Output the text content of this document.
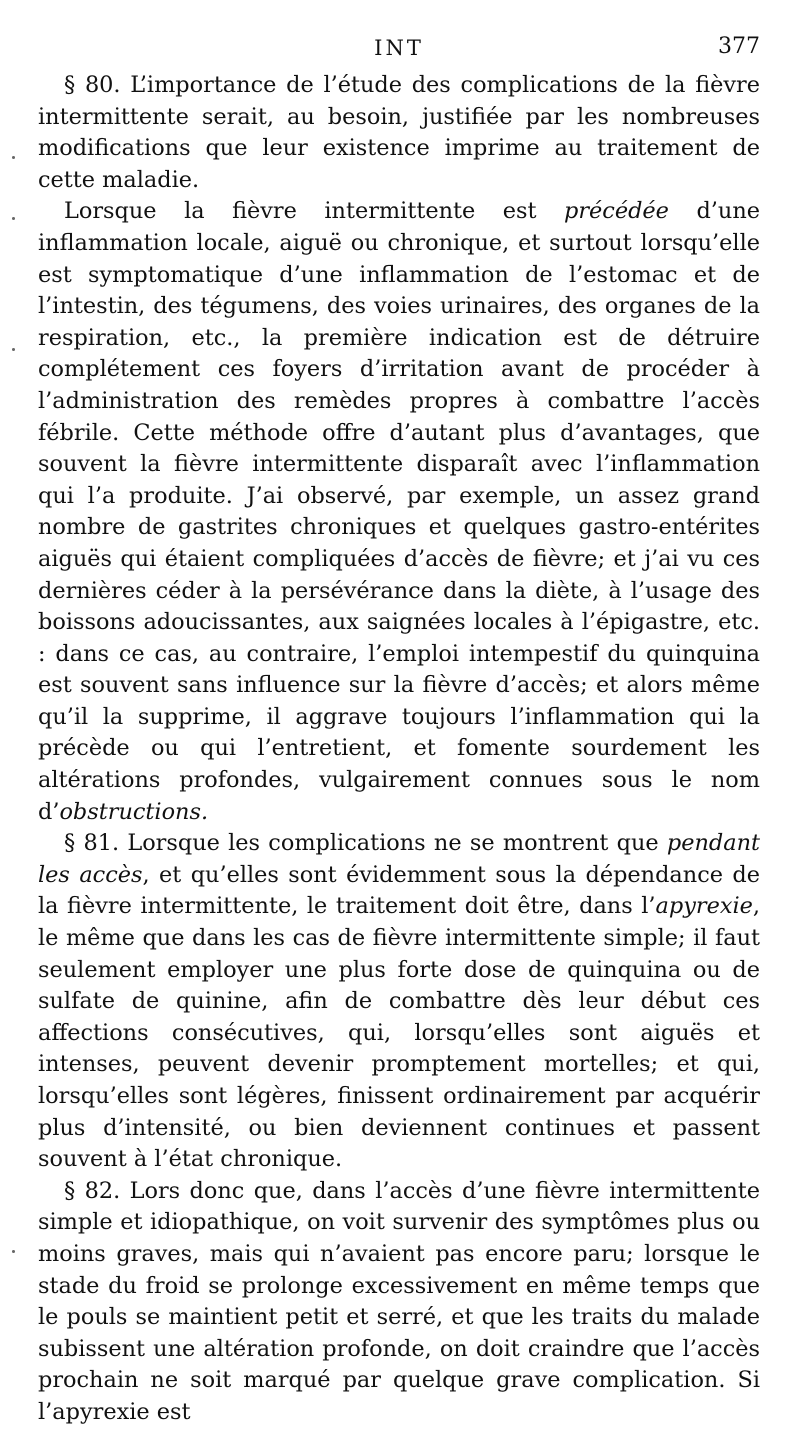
INT	377

§ 80. L’importance de l’étude des complications de la fièvre intermittente serait, au besoin, justifiée par les nombreuses modifications que leur existence imprime au traitement de cette maladie.

Lorsque la fièvre intermittente est précédée d’une inflammation locale, aiguë ou chronique, et surtout lorsqu’elle est symptomatique d’une inflammation de l’estomac et de l’intestin, des tégumens, des voies urinaires, des organes de la respiration, etc., la première indication est de détruire complétement ces foyers d’irritation avant de procéder à l’administration des remèdes propres à combattre l’accès fébrile. Cette méthode offre d’autant plus d’avantages, que souvent la fièvre intermittente disparaît avec l’inflammation qui l’a produite. J’ai observé, par exemple, un assez grand nombre de gastrites chroniques et quelques gastro-entérites aiguës qui étaient compliquées d’accès de fièvre; et j’ai vu ces dernières céder à la persévérance dans la diète, à l’usage des boissons adoucissantes, aux saignées locales à l’épigastre, etc. : dans ce cas, au contraire, l’emploi intempestif du quinquina est souvent sans influence sur la fièvre d’accès; et alors même qu’il la supprime, il aggrave toujours l’inflammation qui la précède ou qui l’entretient, et fomente sourdement les altérations profondes, vulgairement connues sous le nom d’obstructions.

§ 81. Lorsque les complications ne se montrent que pendant les accès, et qu’elles sont évidemment sous la dépendance de la fièvre intermittente, le traitement doit être, dans l’apyrexie, le même que dans les cas de fièvre intermittente simple; il faut seulement employer une plus forte dose de quinquina ou de sulfate de quinine, afin de combattre dès leur début ces affections consécutives, qui, lorsqu’elles sont aiguës et intenses, peuvent devenir promptement mortelles; et qui, lorsqu’elles sont légères, finissent ordinairement par acquérir plus d’intensité, ou bien deviennent continues et passent souvent à l’état chronique.

§ 82. Lors donc que, dans l’accès d’une fièvre intermittente simple et idiopathique, on voit survenir des symptômes plus ou moins graves, mais qui n’avaient pas encore paru; lorsque le stade du froid se prolonge excessivement en même temps que le pouls se maintient petit et serré, et que les traits du malade subissent une altération profonde, on doit craindre que l’accès prochain ne soit marqué par quelque grave complication. Si l’apyrexie est
